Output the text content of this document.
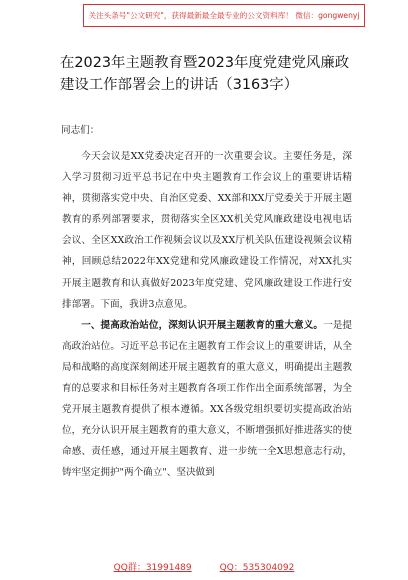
关注头条号"公文研究"，获得最新最全最专业的公文资料库！ 微信：gongwenyj
在2023年主题教育暨2023年度党建党风廉政建设工作部署会上的讲话（3163字）
同志们：

今天会议是XX党委决定召开的一次重要会议。主要任务是，深入学习贯彻习近平总书记在中央主题教育工作会议上的重要讲话精神，贯彻落实党中央、自治区党委、XX部和XX厅党委关于开展主题教育的系列部署要求，贯彻落实全区XX机关党风廉政建设电视电话会议、全区XX政治工作视频会议以及XX厅机关队伍建设视频会议精神，回顾总结2022年XX党建和党风廉政建设工作情况，对XX扎实开展主题教育和认真做好2023年度党建、党风廉政建设工作进行安排部署。下面，我讲3点意见。

一、提高政治站位，深刻认识开展主题教育的重大意义。一是提高政治站位。习近平总书记在主题教育工作会议上的重要讲话，从全局和战略的高度深刻阐述开展主题教育的重大意义，明确提出主题教育的总要求和目标任务对主题教育各项工作作出全面系统部署，为全党开展主题教育提供了根本遵循。XX各级党组织要切实提高政治站位，充分认识开展主题教育的重大意义，不断增强抓好推进落实的使命感、责任感，通过开展主题教育、进一步统一全X思想意志行动，铸牢坚定拥护"两个确立"、坚决做到

QQ群：31991489	QQ：535304092
